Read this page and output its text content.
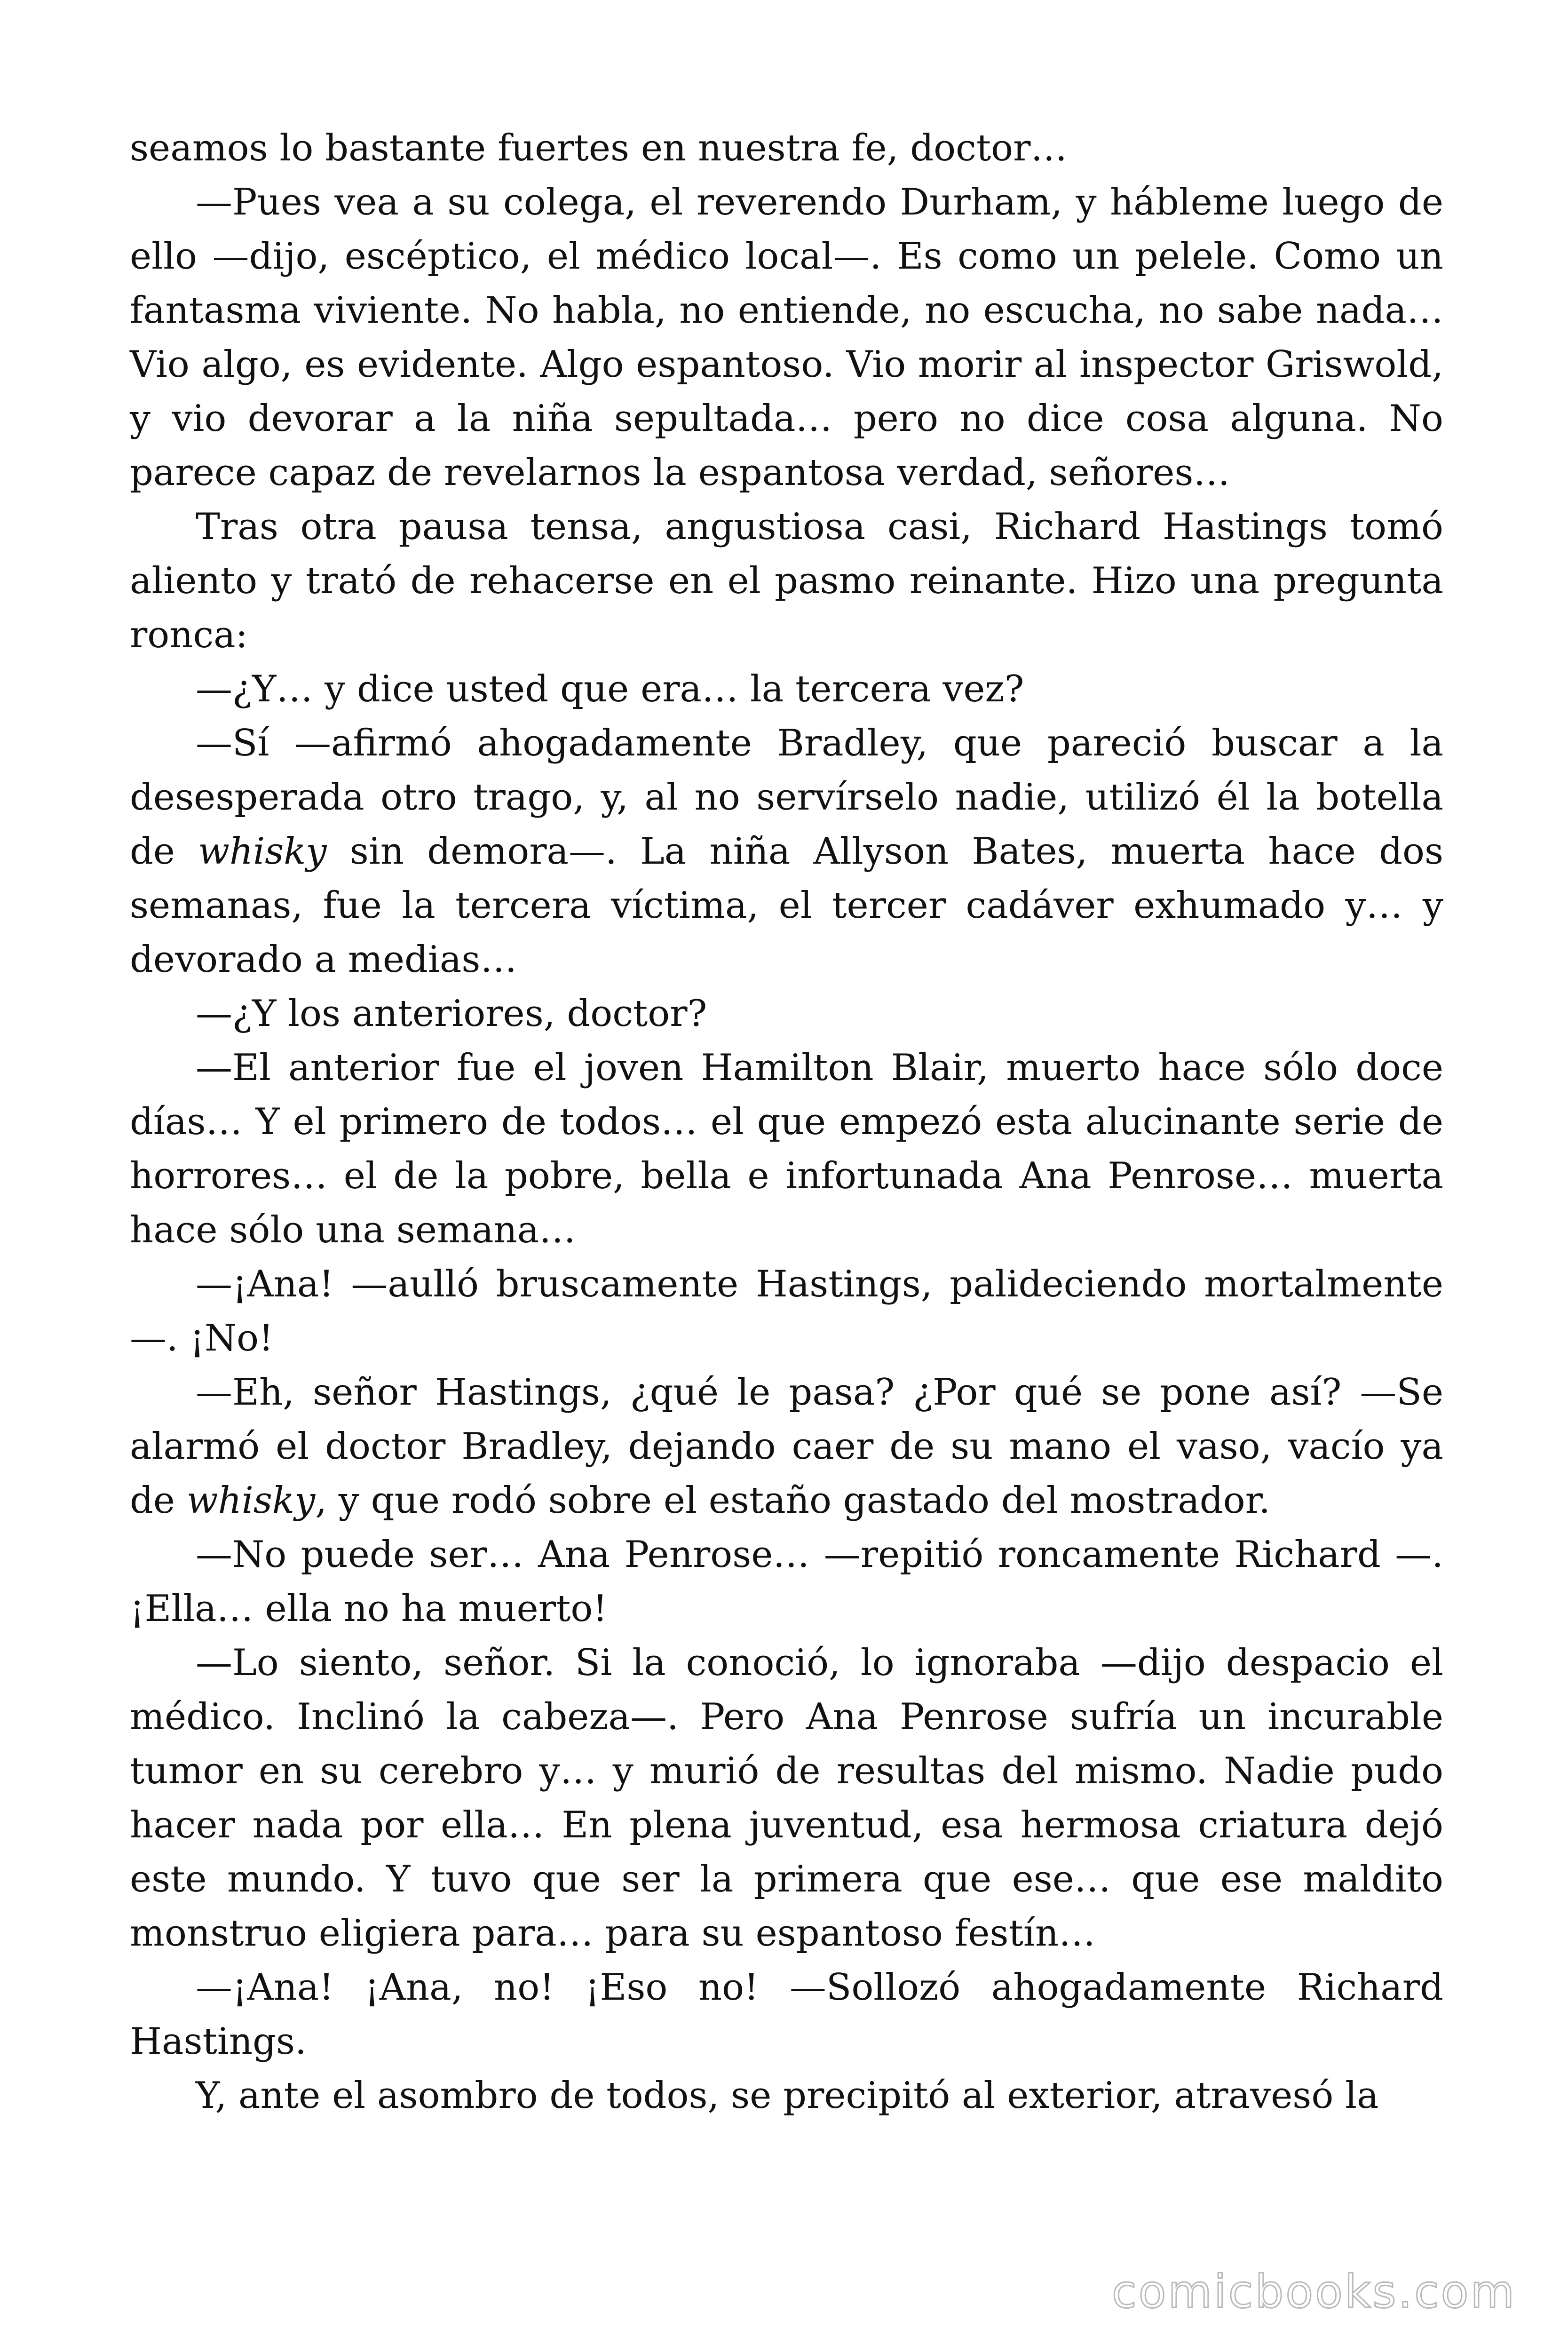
seamos lo bastante fuertes en nuestra fe, doctor…

—Pues vea a su colega, el reverendo Durham, y hábleme luego de ello —dijo, escéptico, el médico local—. Es como un pelele. Como un fantasma viviente. No habla, no entiende, no escucha, no sabe nada… Vio algo, es evidente. Algo espantoso. Vio morir al inspector Griswold, y vio devorar a la niña sepultada… pero no dice cosa alguna. No parece capaz de revelarnos la espantosa verdad, señores…

Tras otra pausa tensa, angustiosa casi, Richard Hastings tomó aliento y trató de rehacerse en el pasmo reinante. Hizo una pregunta ronca:

—¿Y… y dice usted que era… la tercera vez?

—Sí —afirmó ahogadamente Bradley, que pareció buscar a la desesperada otro trago, y, al no servírselo nadie, utilizó él la botella de whisky sin demora—. La niña Allyson Bates, muerta hace dos semanas, fue la tercera víctima, el tercer cadáver exhumado y… y devorado a medias…

—¿Y los anteriores, doctor?

—El anterior fue el joven Hamilton Blair, muerto hace sólo doce días… Y el primero de todos… el que empezó esta alucinante serie de horrores… el de la pobre, bella e infortunada Ana Penrose… muerta hace sólo una semana…

—¡Ana! —aulló bruscamente Hastings, palideciendo mortalmente—. ¡No!

—Eh, señor Hastings, ¿qué le pasa? ¿Por qué se pone así? —Se alarmó el doctor Bradley, dejando caer de su mano el vaso, vacío ya de whisky, y que rodó sobre el estaño gastado del mostrador.

—No puede ser… Ana Penrose… —repitió roncamente Richard —. ¡Ella… ella no ha muerto!

—Lo siento, señor. Si la conoció, lo ignoraba —dijo despacio el médico. Inclinó la cabeza—. Pero Ana Penrose sufría un incurable tumor en su cerebro y… y murió de resultas del mismo. Nadie pudo hacer nada por ella… En plena juventud, esa hermosa criatura dejó este mundo. Y tuvo que ser la primera que ese… que ese maldito monstruo eligiera para… para su espantoso festín…

—¡Ana! ¡Ana, no! ¡Eso no! —Sollozó ahogadamente Richard Hastings.

Y, ante el asombro de todos, se precipitó al exterior, atravesó la

comicbooks.com
